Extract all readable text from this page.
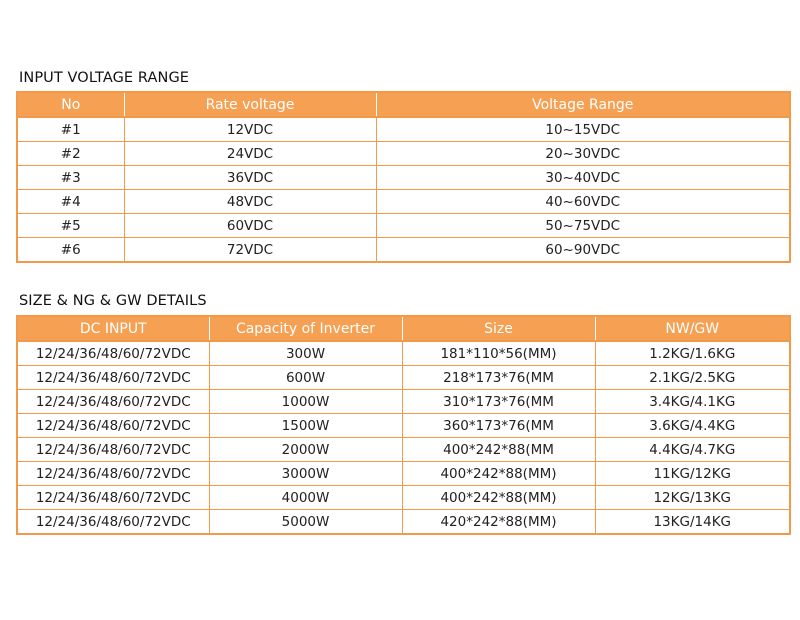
INPUT VOLTAGE RANGE
No	Rate voltage	Voltage Range
#1	12VDC	10~15VDC
#2	24VDC	20~30VDC
#3	36VDC	30~40VDC
#4	48VDC	40~60VDC
#5	60VDC	50~75VDC
#6	72VDC	60~90VDC
SIZE & NG & GW DETAILS
DC INPUT	Capacity of Inverter	Size	NW/GW
12/24/36/48/60/72VDC	300W	181*110*56(MM)	1.2KG/1.6KG
12/24/36/48/60/72VDC	600W	218*173*76(MM	2.1KG/2.5KG
12/24/36/48/60/72VDC	1000W	310*173*76(MM	3.4KG/4.1KG
12/24/36/48/60/72VDC	1500W	360*173*76(MM	3.6KG/4.4KG
12/24/36/48/60/72VDC	2000W	400*242*88(MM	4.4KG/4.7KG
12/24/36/48/60/72VDC	3000W	400*242*88(MM)	11KG/12KG
12/24/36/48/60/72VDC	4000W	400*242*88(MM)	12KG/13KG
12/24/36/48/60/72VDC	5000W	420*242*88(MM)	13KG/14KG
